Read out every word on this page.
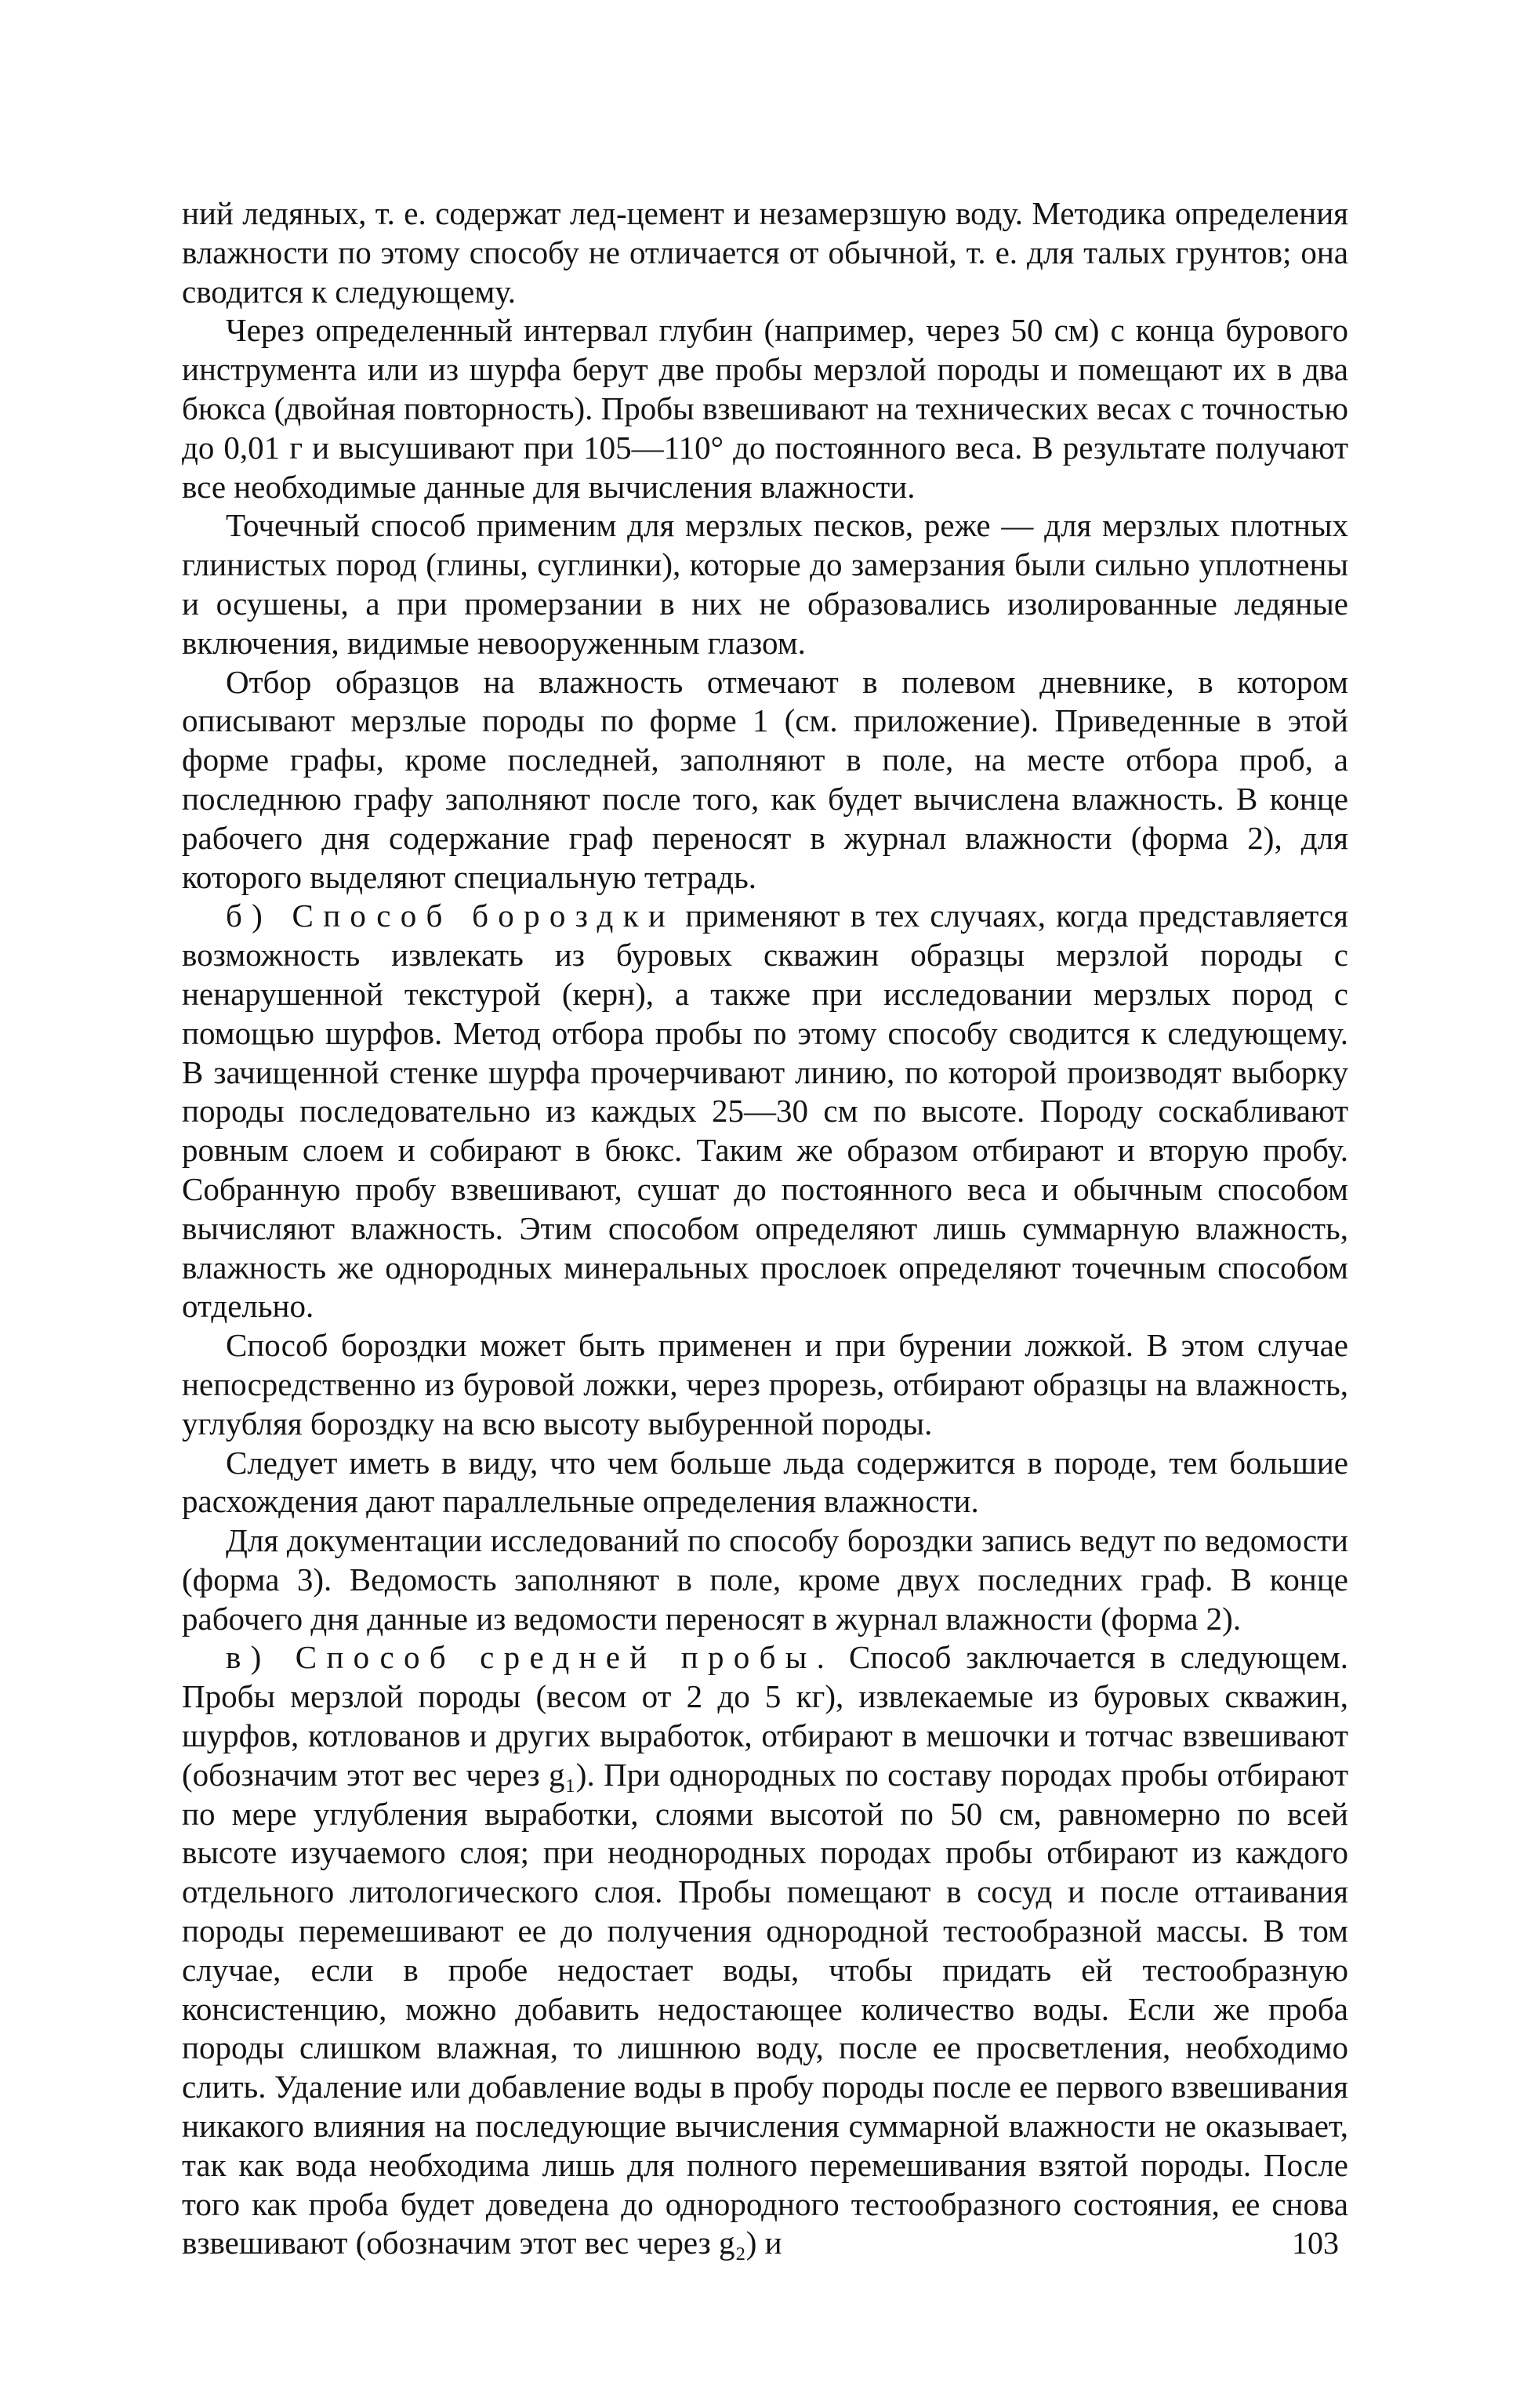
ний ледяных, т. е. содержат лед-цемент и незамерзшую воду. Методика определения влажности по этому способу не отличается от обычной, т. е. для талых грунтов; она сводится к следующему.

Через определенный интервал глубин (например, через 50 см) с конца бурового инструмента или из шурфа берут две пробы мерзлой породы и помещают их в два бюкса (двойная повторность). Пробы взвешивают на технических весах с точностью до 0,01 г и высушивают при 105—110° до постоянного веса. В результате получают все необходимые данные для вычисления влажности.

Точечный способ применим для мерзлых песков, реже — для мерзлых плотных глинистых пород (глины, суглинки), которые до замерзания были сильно уплотнены и осушены, а при промерзании в них не образовались изолированные ледяные включения, видимые невооруженным глазом.

Отбор образцов на влажность отмечают в полевом дневнике, в котором описывают мерзлые породы по форме 1 (см. приложение). Приведенные в этой форме графы, кроме последней, заполняют в поле, на месте отбора проб, а последнюю графу заполняют после того, как будет вычислена влажность. В конце рабочего дня содержание граф переносят в журнал влажности (форма 2), для которого выделяют специальную тетрадь.

б) Способ бороздки применяют в тех случаях, когда представляется возможность извлекать из буровых скважин образцы мерзлой породы с ненарушенной текстурой (керн), а также при исследовании мерзлых пород с помощью шурфов. Метод отбора пробы по этому способу сводится к следующему. В зачищенной стенке шурфа прочерчивают линию, по которой производят выборку породы последовательно из каждых 25—30 см по высоте. Породу соскабливают ровным слоем и собирают в бюкс. Таким же образом отбирают и вторую пробу. Собранную пробу взвешивают, сушат до постоянного веса и обычным способом вычисляют влажность. Этим способом определяют лишь суммарную влажность, влажность же однородных минеральных прослоек определяют точечным способом отдельно.

Способ бороздки может быть применен и при бурении ложкой. В этом случае непосредственно из буровой ложки, через прорезь, отбирают образцы на влажность, углубляя бороздку на всю высоту выбуренной породы.

Следует иметь в виду, что чем больше льда содержится в породе, тем большие расхождения дают параллельные определения влажности.

Для документации исследований по способу бороздки запись ведут по ведомости (форма 3). Ведомость заполняют в поле, кроме двух последних граф. В конце рабочего дня данные из ведомости переносят в журнал влажности (форма 2).

в) Способ средней пробы. Способ заключается в следующем. Пробы мерзлой породы (весом от 2 до 5 кг), извлекаемые из буровых скважин, шурфов, котлованов и других выработок, отбирают в мешочки и тотчас взвешивают (обозначим этот вес через g₁). При однородных по составу породах пробы отбирают по мере углубления выработки, слоями высотой по 50 см, равномерно по всей высоте изучаемого слоя; при неоднородных породах пробы отбирают из каждого отдельного литологического слоя. Пробы помещают в сосуд и после оттаивания породы перемешивают ее до получения однородной тестообразной массы. В том случае, если в пробе недостает воды, чтобы придать ей тестообразную консистенцию, можно добавить недостающее количество воды. Если же проба породы слишком влажная, то лишнюю воду, после ее просветления, необходимо слить. Удаление или добавление воды в пробу породы после ее первого взвешивания никакого влияния на последующие вычисления суммарной влажности не оказывает, так как вода необходима лишь для полного перемешивания взятой породы. После того как проба будет доведена до однородного тестообразного состояния, ее снова взвешивают (обозначим этот вес через g₂) и	103
